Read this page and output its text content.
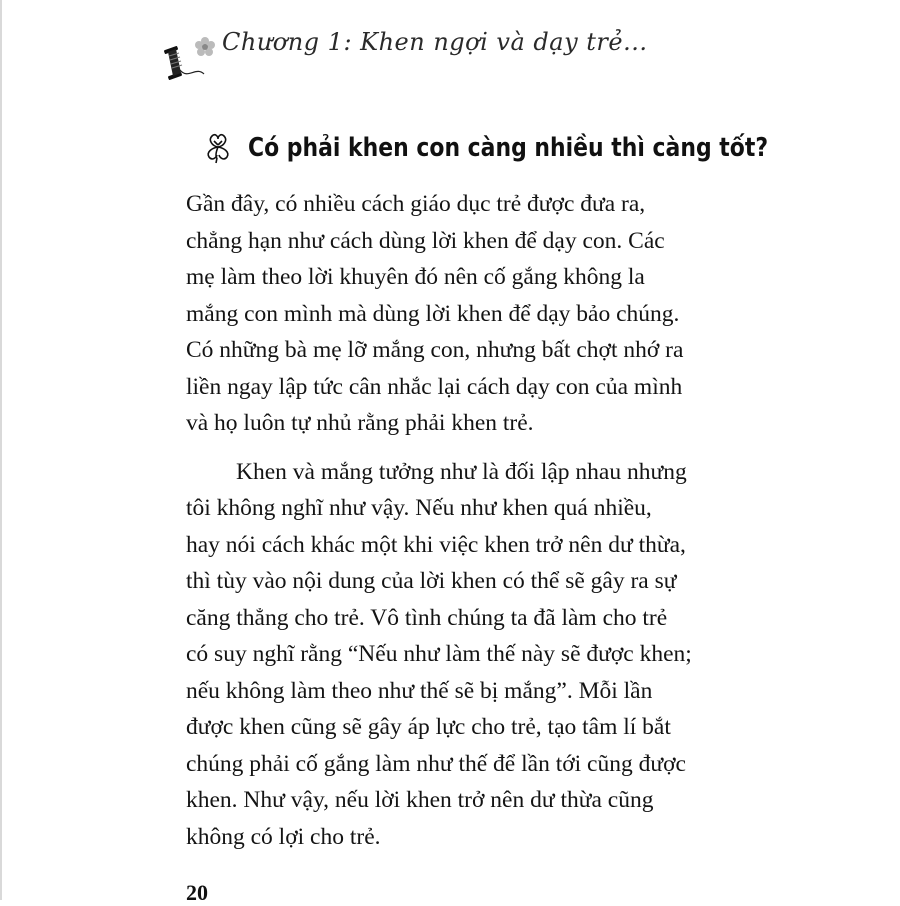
Chương 1: Khen ngợi và dạy trẻ...
Có phải khen con càng nhiều thì càng tốt?
Gần đây, có nhiều cách giáo dục trẻ được đưa ra,
chẳng hạn như cách dùng lời khen để dạy con. Các
mẹ làm theo lời khuyên đó nên cố gắng không la
mắng con mình mà dùng lời khen để dạy bảo chúng.
Có những bà mẹ lỡ mắng con, nhưng bất chợt nhớ ra
liền ngay lập tức cân nhắc lại cách dạy con của mình
và họ luôn tự nhủ rằng phải khen trẻ.
Khen và mắng tưởng như là đối lập nhau nhưng
tôi không nghĩ như vậy. Nếu như khen quá nhiều,
hay nói cách khác một khi việc khen trở nên dư thừa,
thì tùy vào nội dung của lời khen có thể sẽ gây ra sự
căng thẳng cho trẻ. Vô tình chúng ta đã làm cho trẻ
có suy nghĩ rằng “Nếu như làm thế này sẽ được khen;
nếu không làm theo như thế sẽ bị mắng”. Mỗi lần
được khen cũng sẽ gây áp lực cho trẻ, tạo tâm lí bắt
chúng phải cố gắng làm như thế để lần tới cũng được
khen. Như vậy, nếu lời khen trở nên dư thừa cũng
không có lợi cho trẻ.
20
